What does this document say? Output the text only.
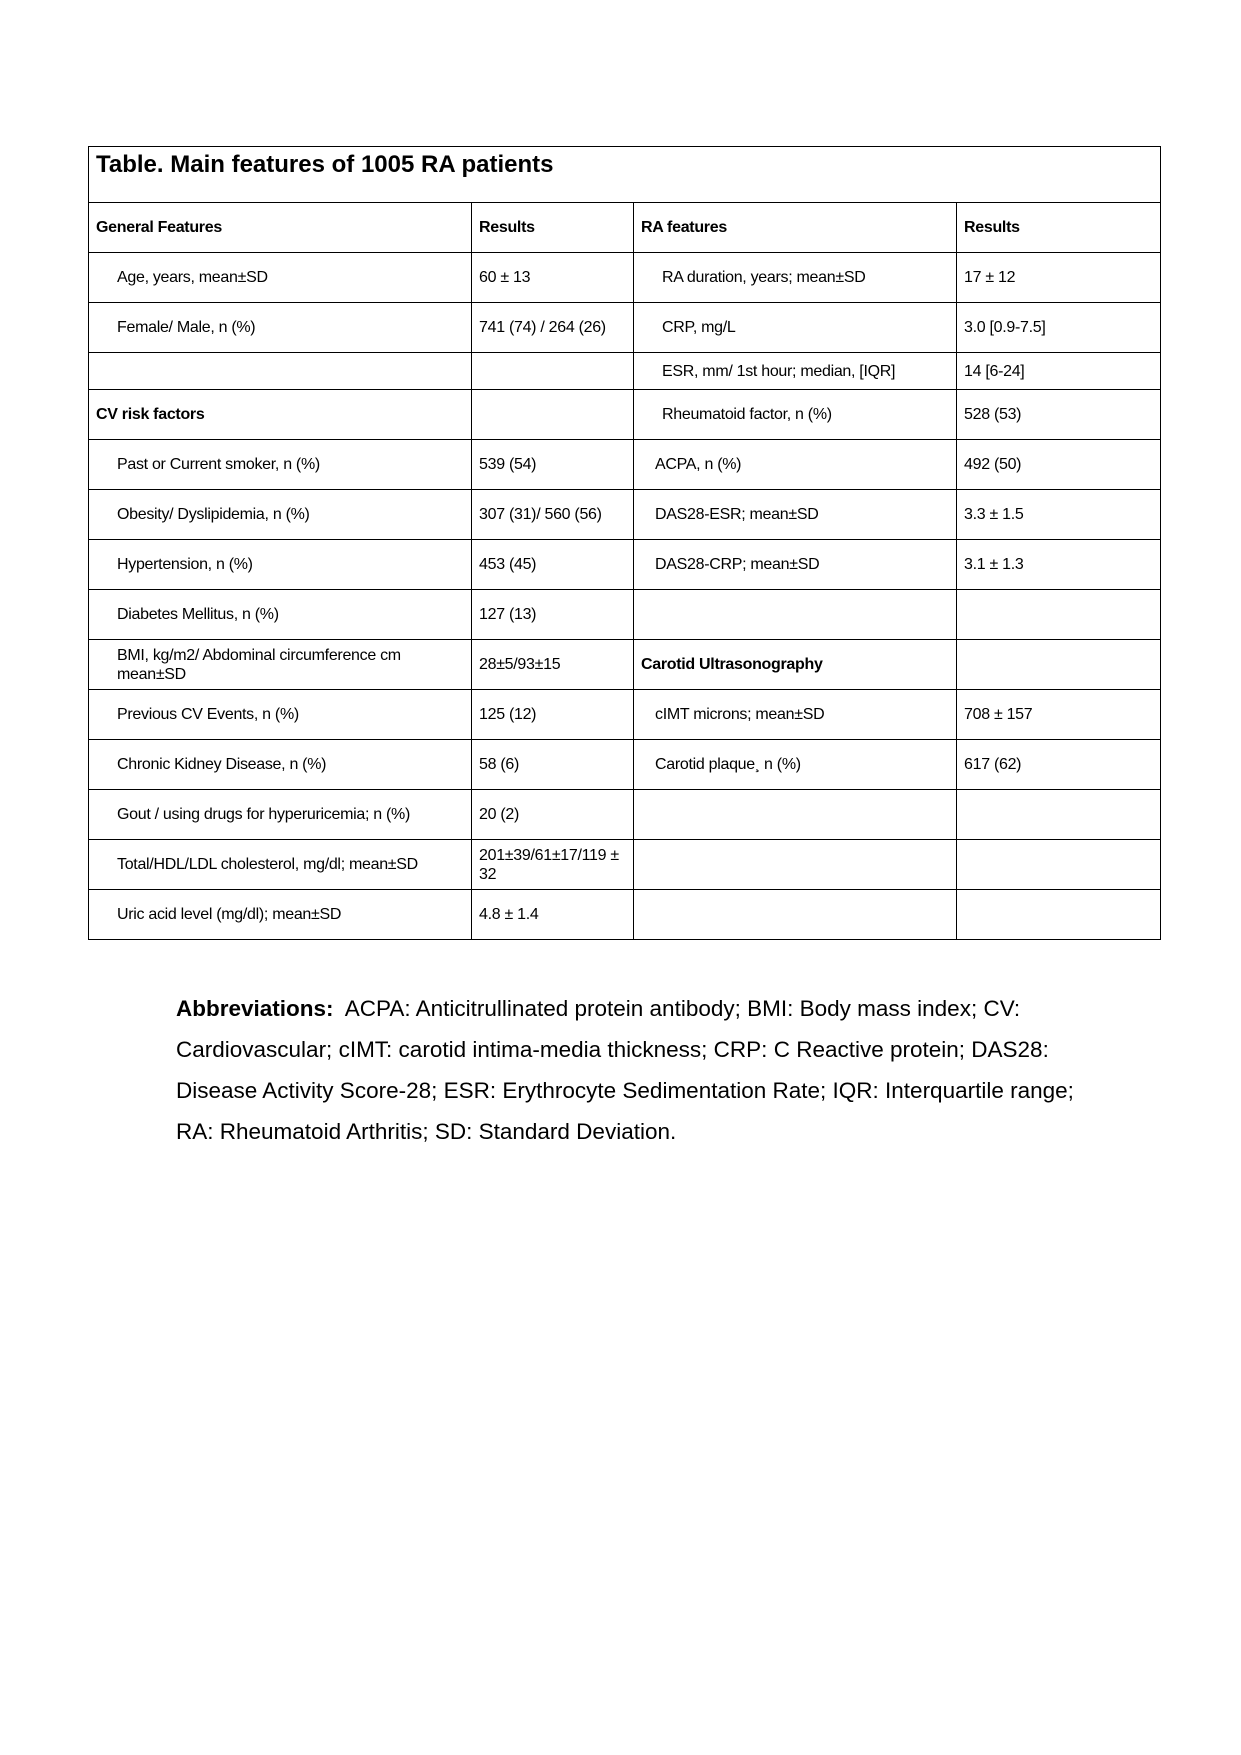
Table. Main features of 1005 RA patients			
General Features	Results	RA features	Results
Age, years, mean±SD	60 ± 13	RA duration, years; mean±SD	17 ± 12
Female/ Male, n (%)	741 (74) / 264 (26)	CRP, mg/L	3.0 [0.9-7.5]
		ESR, mm/ 1st hour; median, [IQR]	14 [6-24]
CV risk factors		Rheumatoid factor, n (%)	528 (53)
Past or Current smoker, n (%)	539 (54)	ACPA, n (%)	492 (50)
Obesity/ Dyslipidemia, n (%)	307 (31)/ 560 (56)	DAS28-ESR; mean±SD	3.3 ± 1.5
Hypertension, n (%)	453 (45)	DAS28-CRP; mean±SD	3.1 ± 1.3
Diabetes Mellitus, n (%)	127 (13)		
BMI, kg/m2/ Abdominal circumference cm mean±SD	28±5/93±15	Carotid Ultrasonography	
Previous CV Events, n (%)	125 (12)	cIMT microns; mean±SD	708 ± 157
Chronic Kidney Disease, n (%)	58 (6)	Carotid plaque¸ n (%)	617 (62)
Gout / using drugs for hyperuricemia; n (%)	20 (2)		
Total/HDL/LDL cholesterol, mg/dl; mean±SD	201±39/61±17/119 ± 32		
Uric acid level (mg/dl); mean±SD	4.8 ± 1.4		
Abbreviations: ACPA: Anticitrullinated protein antibody; BMI: Body mass index; CV: Cardiovascular; cIMT: carotid intima-media thickness; CRP: C Reactive protein; DAS28: Disease Activity Score-28; ESR: Erythrocyte Sedimentation Rate; IQR: Interquartile range; RA: Rheumatoid Arthritis; SD: Standard Deviation.
